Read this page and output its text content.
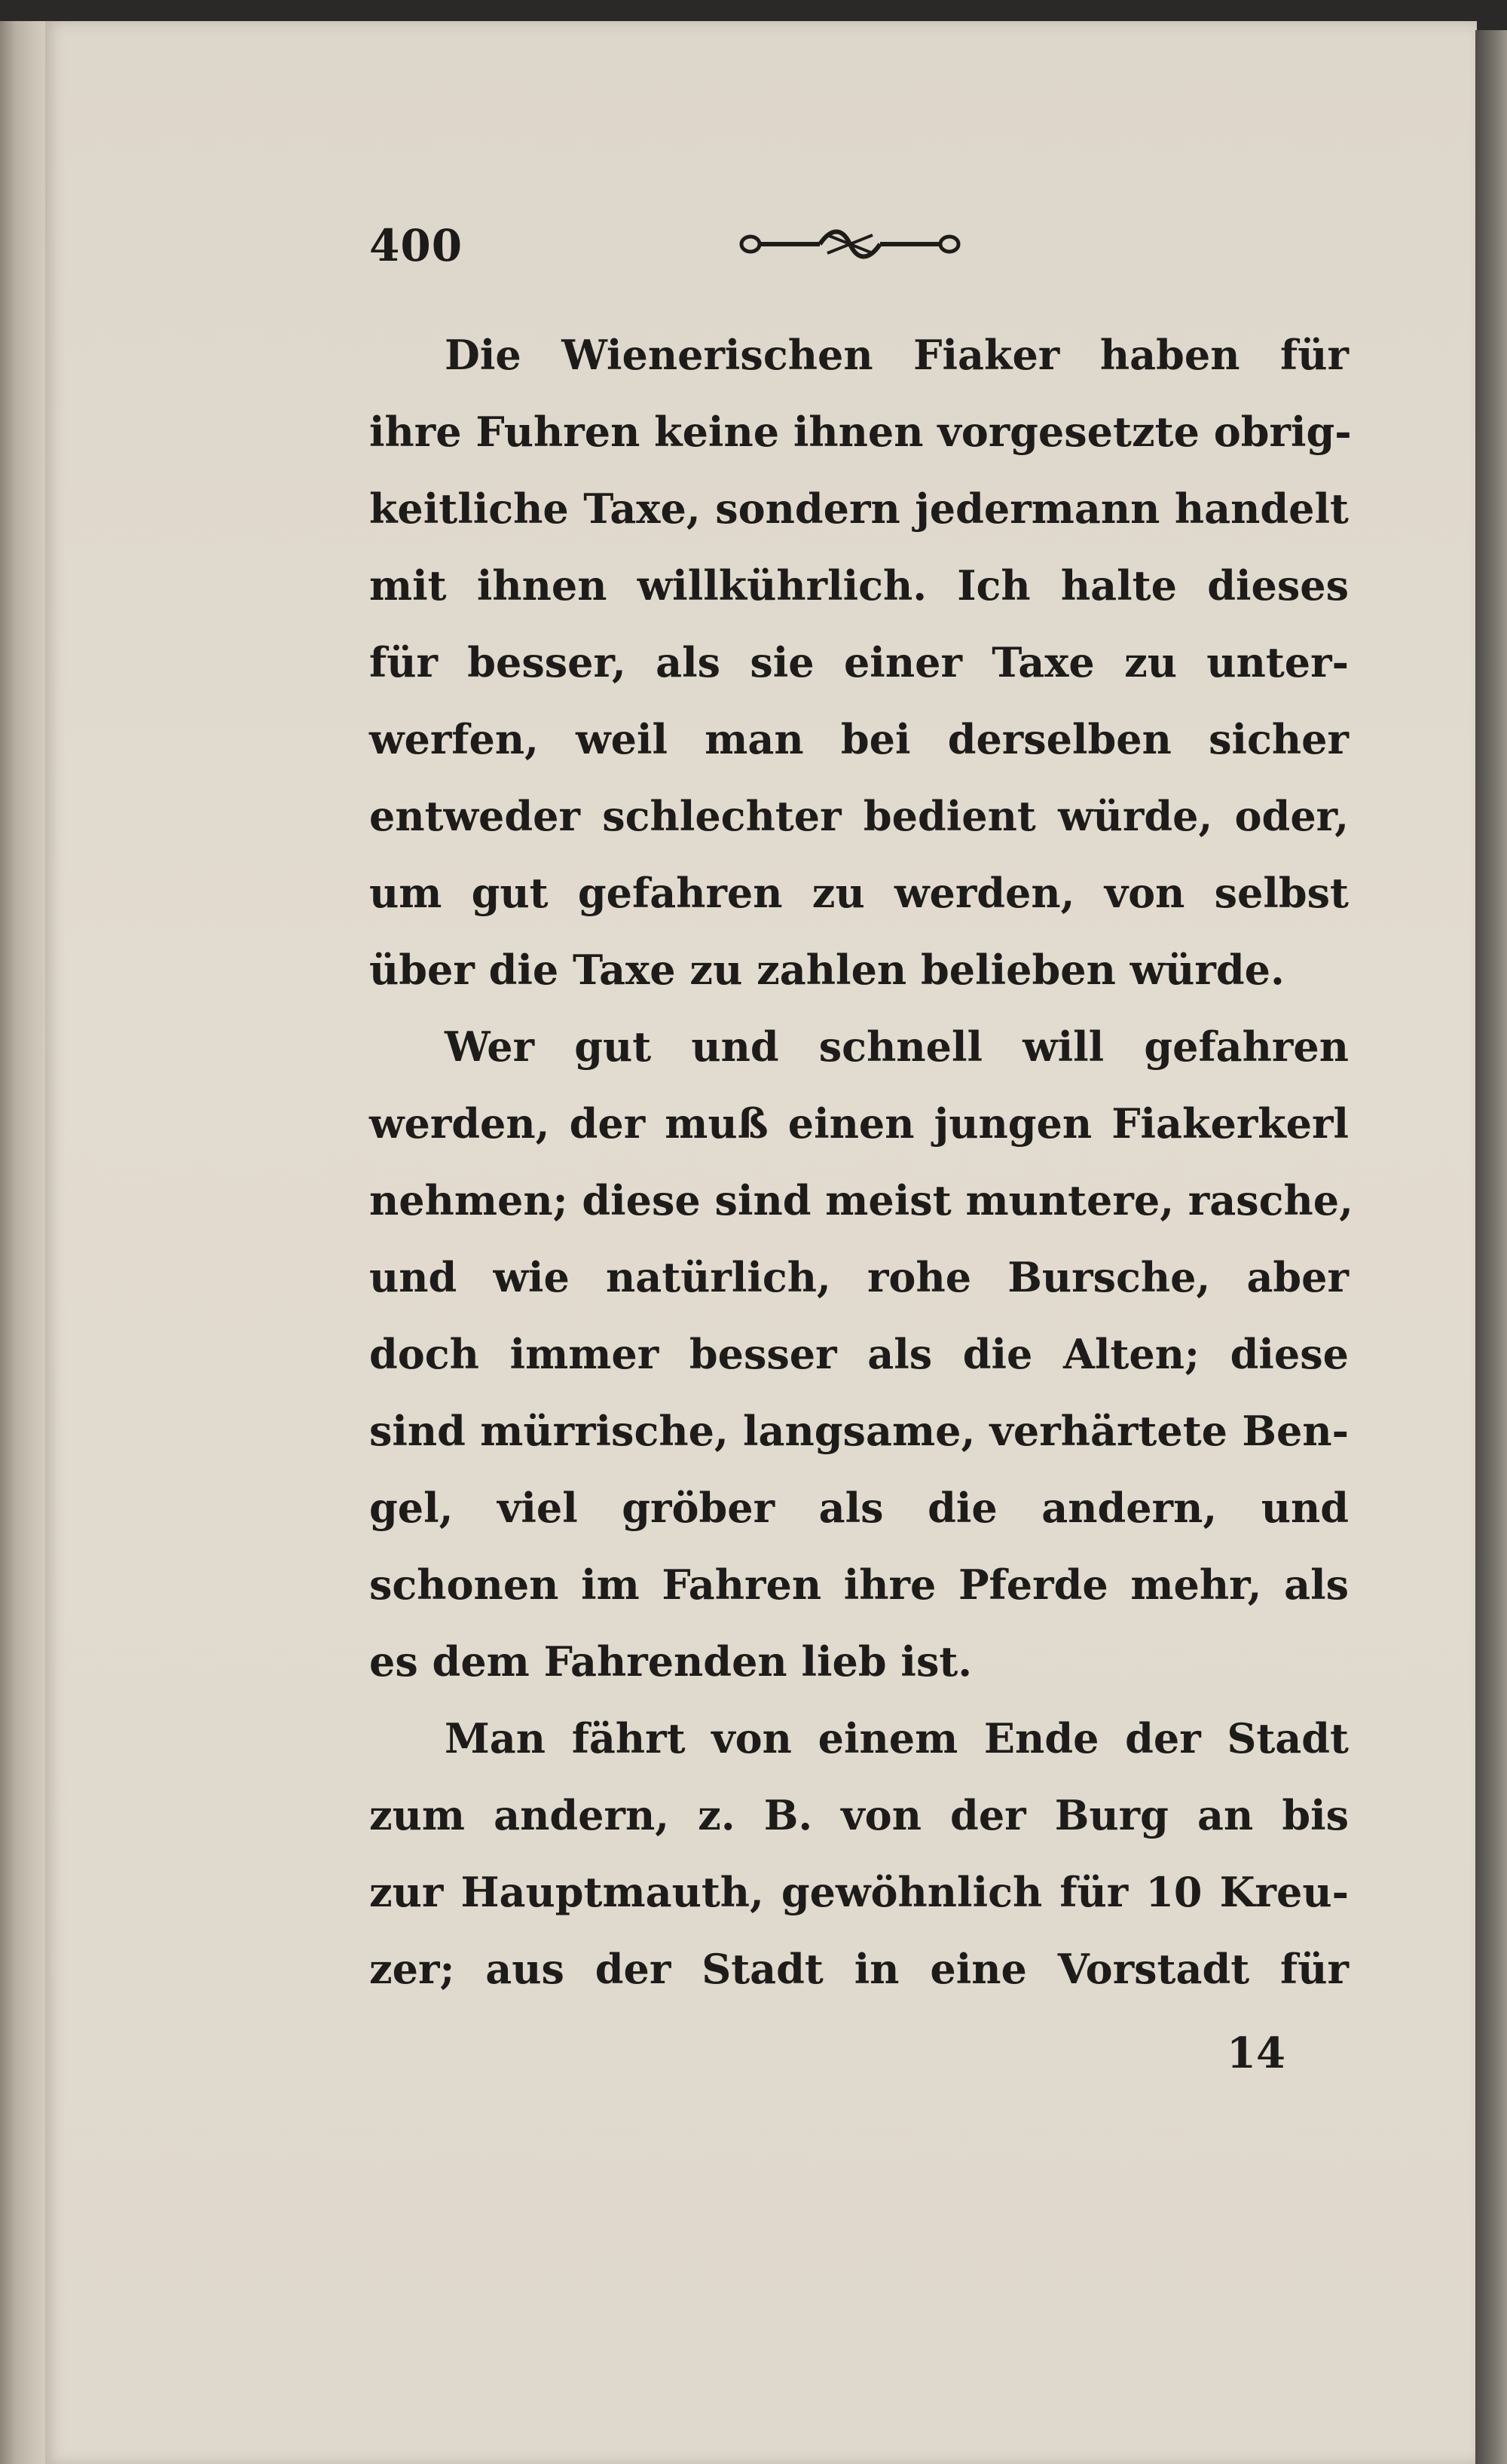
400
Die Wienerischen Fiaker haben für
ihre Fuhren keine ihnen vorgesetzte obrig-
keitliche Taxe, sondern jedermann handelt
mit ihnen willkührlich. Ich halte dieses
für besser, als sie einer Taxe zu unter-
werfen, weil man bei derselben sicher
entweder schlechter bedient würde, oder,
um gut gefahren zu werden, von selbst
über die Taxe zu zahlen belieben würde.
Wer gut und schnell will gefahren
werden, der muß einen jungen Fiakerkerl
nehmen; diese sind meist muntere, rasche,
und wie natürlich, rohe Bursche, aber
doch immer besser als die Alten; diese
sind mürrische, langsame, verhärtete Ben-
gel, viel gröber als die andern, und
schonen im Fahren ihre Pferde mehr, als
es dem Fahrenden lieb ist.
Man fährt von einem Ende der Stadt
zum andern, z. B. von der Burg an bis
zur Hauptmauth, gewöhnlich für 10 Kreu-
zer; aus der Stadt in eine Vorstadt für
14
